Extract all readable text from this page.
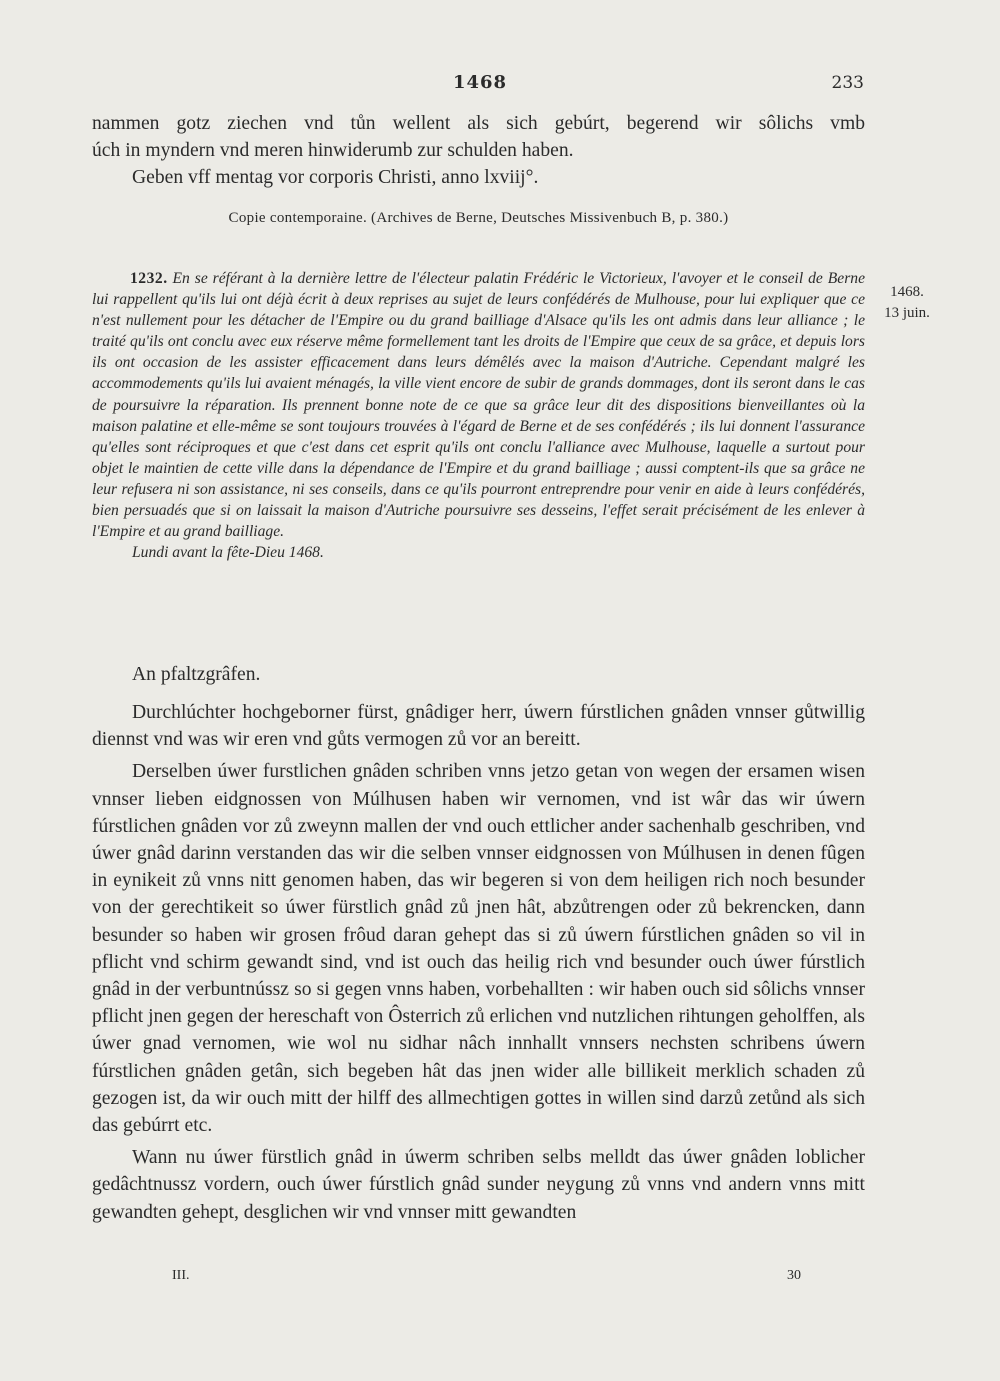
1468	233

nammen gotz ziechen vnd tůn wellent als sich gebúrt, begerend wir sôlichs vmb

úch in myndern vnd meren hinwiderumb zur schulden haben.

Geben vff mentag vor corporis Christi, anno lxviij°.

Copie contemporaine. (Archives de Berne, Deutsches Missivenbuch B, p. 380.)

1232. En se référant à la dernière lettre de l'électeur palatin Frédéric le Victorieux, l'avoyer et le conseil de Berne lui rappellent qu'ils lui ont déjà écrit à deux reprises au sujet de leurs confédérés de Mulhouse, pour lui expliquer que ce n'est nullement pour les détacher de l'Empire ou du grand bailliage d'Alsace qu'ils les ont admis dans leur alliance ; le traité qu'ils ont conclu avec eux réserve même formellement tant les droits de l'Empire que ceux de sa grâce, et depuis lors ils ont occasion de les assister efficacement dans leurs démêlés avec la maison d'Autriche. Cependant malgré les accommodements qu'ils lui avaient ménagés, la ville vient encore de subir de grands dommages, dont ils seront dans le cas de poursuivre la réparation. Ils prennent bonne note de ce que sa grâce leur dit des dispositions bienveillantes où la maison palatine et elle-même se sont toujours trouvées à l'égard de Berne et de ses confédérés ; ils lui donnent l'assurance qu'elles sont réciproques et que c'est dans cet esprit qu'ils ont conclu l'alliance avec Mulhouse, laquelle a surtout pour objet le maintien de cette ville dans la dépendance de l'Empire et du grand bailliage ; aussi comptent-ils que sa grâce ne leur refusera ni son assistance, ni ses conseils, dans ce qu'ils pourront entreprendre pour venir en aide à leurs confédérés, bien persuadés que si on laissait la maison d'Autriche poursuivre ses desseins, l'effet serait précisément de les enlever à l'Empire et au grand bailliage.

Lundi avant la fête-Dieu 1468.

1468.
13 juin.

An pfaltzgrâfen.

Durchlúchter hochgeborner fürst, gnâdiger herr, úwern fúrstlichen gnâden vnnser gůtwillig diennst vnd was wir eren vnd gůts vermogen zů vor an bereitt.

Derselben úwer furstlichen gnâden schriben vnns jetzo getan von wegen der ersamen wisen vnnser lieben eidgnossen von Múlhusen haben wir vernomen, vnd ist wâr das wir úwern fúrstlichen gnâden vor zů zweynn mallen der vnd ouch ettlicher ander sachenhalb geschriben, vnd úwer gnâd darinn verstanden das wir die selben vnnser eidgnossen von Múlhusen in denen fûgen in eynikeit zů vnns nitt genomen haben, das wir begeren si von dem heiligen rich noch besunder von der gerechtikeit so úwer fürstlich gnâd zů jnen hât, abzůtrengen oder zů bekrencken, dann besunder so haben wir grosen frôud daran gehept das si zů úwern fúrstlichen gnâden so vil in pflicht vnd schirm gewandt sind, vnd ist ouch das heilig rich vnd besunder ouch úwer fúrstlich gnâd in der verbuntnússz so si gegen vnns haben, vorbehallten : wir haben ouch sid sôlichs vnnser pflicht jnen gegen der hereschaft von Ôsterrich zů erlichen vnd nutzlichen rihtungen geholffen, als úwer gnad vernomen, wie wol nu sidhar nâch innhallt vnnsers nechsten schribens úwern fúrstlichen gnâden getân, sich begeben hât das jnen wider alle billikeit merklich schaden zů gezogen ist, da wir ouch mitt der hilff des allmechtigen gottes in willen sind darzů zetůnd als sich das gebúrrt etc.

Wann nu úwer fürstlich gnâd in úwerm schriben selbs melldt das úwer gnâden loblicher gedâchtnussz vordern, ouch úwer fúrstlich gnâd sunder neygung zů vnns vnd andern vnns mitt gewandten gehept, desglichen wir vnd vnnser mitt gewandten

III.	30
